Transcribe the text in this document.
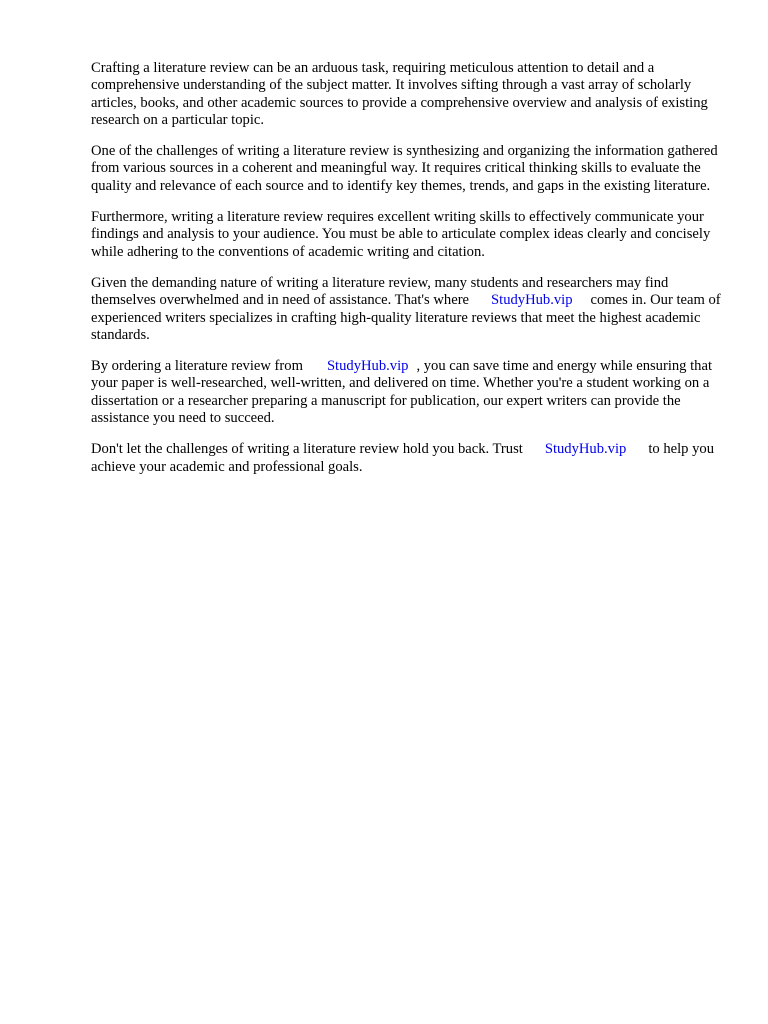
Crafting a literature review can be an arduous task, requiring meticulous attention to detail and a comprehensive understanding of the subject matter. It involves sifting through a vast array of scholarly articles, books, and other academic sources to provide a comprehensive overview and analysis of existing research on a particular topic.

One of the challenges of writing a literature review is synthesizing and organizing the information gathered from various sources in a coherent and meaningful way. It requires critical thinking skills to evaluate the quality and relevance of each source and to identify key themes, trends, and gaps in the existing literature.

Furthermore, writing a literature review requires excellent writing skills to effectively communicate your findings and analysis to your audience. You must be able to articulate complex ideas clearly and concisely while adhering to the conventions of academic writing and citation.

Given the demanding nature of writing a literature review, many students and researchers may find themselves overwhelmed and in need of assistance. That's where StudyHub.vip comes in. Our team of experienced writers specializes in crafting high-quality literature reviews that meet the highest academic standards.

By ordering a literature review from StudyHub.vip , you can save time and energy while ensuring that your paper is well-researched, well-written, and delivered on time. Whether you're a student working on a dissertation or a researcher preparing a manuscript for publication, our expert writers can provide the assistance you need to succeed.

Don't let the challenges of writing a literature review hold you back. Trust StudyHub.vip to help you achieve your academic and professional goals.
